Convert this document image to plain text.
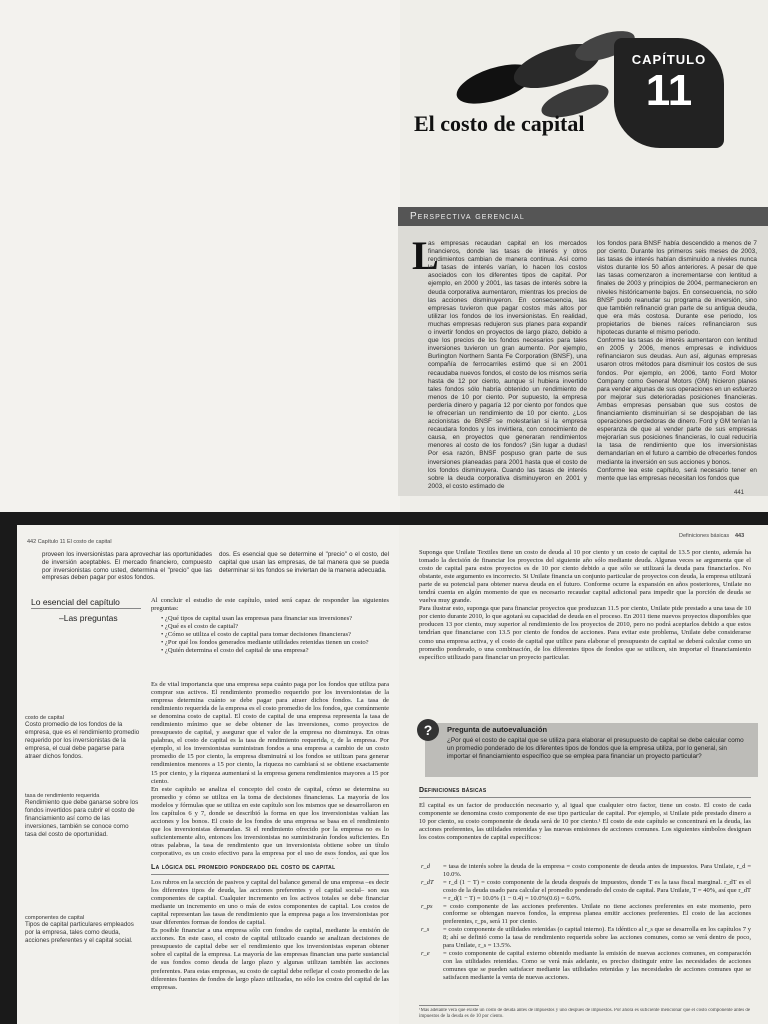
CAPÍTULO
11
El costo de capital
Perspectiva gerencial
L
as empresas recaudan capital en los mercados financieros, donde las tasas de interés y otros rendimientos cambian de manera continua. Así como las tasas de interés varían, lo hacen los costos asociados con los diferentes tipos de capital. Por ejemplo, en 2000 y 2001, las tasas de interés sobre la deuda corporativa aumentaron, mientras los precios de las acciones disminuyeron. En consecuencia, las empresas tuvieron que pagar costos más altos por utilizar los fondos de los inversionistas. En realidad, muchas empresas redujeron sus planes para expandir o invertir fondos en proyectos de largo plazo, debido a que los precios de los fondos necesarios para tales inversiones tuvieron un gran aumento. Por ejemplo, Burlington Northern Santa Fe Corporation (BNSF), una compañía de ferrocarriles estimó que si en 2001 recaudaba nuevos fondos, el costo de los mismos sería hasta de 12 por ciento, aunque sí hubiera invertido tales fondos sólo habría obtenido un rendimiento de menos de 10 por ciento. Por supuesto, la empresa perdería dinero y pagaría 12 por ciento por fondos que le ofrecerían un rendimiento de 10 por ciento. ¿Los accionistas de BNSF se molestarían si la empresa recaudara fondos y los invirtiera, con conocimiento de causa, en proyectos que generaran rendimientos menores al costo de los fondos? ¡Sin lugar a dudas! Por esa razón, BNSF pospuso gran parte de sus inversiones planeadas para 2001 hasta que el costo de los fondos disminuyera. Cuando las tasas de interés sobre la deuda corporativa disminuyeron en 2001 y 2003, el costo estimado de
los fondos para BNSF había descendido a menos de 7 por ciento. Durante los primeros seis meses de 2003, las tasas de interés habían disminuido a niveles nunca vistos durante los 50 años anteriores. A pesar de que las tasas comenzaron a incrementarse con lentitud a finales de 2003 y principios de 2004, permanecieron en niveles históricamente bajos. En consecuencia, no sólo BNSF pudo reanudar su programa de inversión, sino que también refinanció gran parte de su antigua deuda, que era más costosa. Durante ese periodo, los propietarios de bienes raíces refinanciaron sus hipotecas durante el mismo periodo.
Conforme las tasas de interés aumentaron con lentitud en 2005 y 2006, menos empresas e individuos refinanciaron sus deudas. Aun así, algunas empresas usaron otros métodos para disminuir los costos de sus fondos. Por ejemplo, en 2006, tanto Ford Motor Company como General Motors (GM) hicieron planes para vender algunas de sus operaciones en un esfuerzo por mejorar sus deterioradas posiciones financieras. Ambas empresas pensaban que sus costos de financiamiento disminuirían si se despojaban de las operaciones perdedoras de dinero. Ford y GM tenían la esperanza de que al vender parte de sus empresas mejorarían sus posiciones financieras, lo cual reduciría la tasa de rendimiento que los inversionistas demandarían en el futuro a cambio de ofrecerles fondos mediante la inversión en sus acciones y bonos.
Conforme lea este capítulo, será necesario tener en mente que las empresas necesitan los fondos que
441
442 Capítulo 11 El costo de capital
proveen los inversionistas para aprovechar las oportunidades de inversión aceptables. El mercado financiero, compuesto por inversionistas como usted, determina el "precio" que las empresas deben pagar por estos fondos.
dos. Es esencial que se determine el "precio" o el costo, del capital que usan las empresas, de tal manera que se pueda determinar si los fondos se inviertan de la manera adecuada.
Lo esencial del capítulo
–Las preguntas
Al concluir el estudio de este capítulo, usted será capaz de responder las siguientes preguntas:
• ¿Qué tipos de capital usan las empresas para financiar sus inversiones?
• ¿Qué es el costo de capital?
• ¿Cómo se utiliza el costo de capital para tomar decisiones financieras?
• ¿Por qué los fondos generados mediante utilidades retenidas tienen un costo?
• ¿Quién determina el costo del capital de una empresa?
Es de vital importancia que una empresa sepa cuánto paga por los fondos que utiliza para comprar sus activos. El rendimiento promedio requerido por los inversionistas de la empresa determina cuánto se debe pagar para atraer dichos fondos. La tasa de rendimiento requerida de la empresa es el costo promedio de los fondos, que comúnmente se denomina costo de capital. El costo de capital de una empresa representa la tasa de rendimiento mínimo que se debe obtener de las inversiones, como proyectos de presupuesto de capital, y asegurar que el valor de la empresa no disminuya. En otras palabras, el costo de capital es la tasa de rendimiento requerida, r, de la empresa. Por ejemplo, si los inversionistas suministran fondos a una empresa a cambio de un costo promedio de 15 por ciento, la empresa disminuirá si los fondos se utilizan para generar rendimientos menores a 15 por ciento, la riqueza no cambiará si se obtiene exactamente 15 por ciento, y la riqueza aumentará si la empresa genera rendimientos mayores a 15 por ciento.
En este capítulo se analiza el concepto del costo de capital, cómo se determina su promedio y cómo se utiliza en la toma de decisiones financieras. La mayoría de los modelos y fórmulas que se utiliza en este capítulo son los mismos que se desarrollaron en los capítulos 6 y 7, donde se describió la forma en que los inversionistas valúan las acciones y los bonos. El costo de los fondos de una empresa se basa en el rendimiento que los inversionistas demandan. Si el rendimiento ofrecido por la empresa no es lo suficientemente alto, entonces los inversionistas no suministrarán fondos suficientes. En otras palabras, la tasa de rendimiento que un inversionista obtiene sobre un título corporativo, es un costo efectivo para la empresa por el uso de esos fondos, así que los

La lógica del promedio ponderado del costo de capital
Los rubros en la sección de pasivos y capital del balance general de una empresa –es decir los diferentes tipos de deuda, las acciones preferentes y el capital social– son sus componentes de capital. Cualquier incremento en los activos totales se debe financiar mediante un incremento en uno o más de estos componentes de capital. Los costos de capital representan las tasas de rendimiento que la empresa paga a los inversionistas por usar diferentes formas de fondos de capital.
Es posible financiar a una empresa sólo con fondos de capital, mediante la emisión de acciones. En este caso, el costo de capital utilizado cuando se analizan decisiones de presupuesto de capital debe ser el rendimiento que los inversionistas esperan obtener sobre el capital de la empresa. La mayoría de las empresas financian una parte sustancial de sus fondos como deuda de largo plazo y algunas utilizan también las acciones preferentes. Para estas empresas, su costo de capital debe reflejar el costo promedio de las diferentes fuentes de fondos de largo plazo utilizadas, no sólo los costos del capital de las empresas.
costo de capital
Costo promedio de los fondos de la empresa, que es el rendimiento promedio requerido por los inversionistas de la empresa, el cual debe pagarse para atraer dichos fondos.
tasa de rendimiento requerida
Rendimiento que debe ganarse sobre los fondos invertidos para cubrir el costo de financiamiento así como de las inversiones, también se conoce como tasa del costo de oportunidad.
componentes de capital
Tipos de capital particulares empleados por la empresa, tales como deuda, acciones preferentes y el capital social.
Definiciones básicas 443
Suponga que Unilate Textiles tiene un costo de deuda al 10 por ciento y un costo de capital de 13.5 por ciento, además ha tomado la decisión de financiar los proyectos del siguiente año sólo mediante deuda. Algunas veces se argumenta que el costo de capital para estos proyectos es de 10 por ciento debido a que sólo se utilizará la deuda para financiarlos. No obstante, este argumento es incorrecto. Si Unilate financia un conjunto particular de proyectos con deuda, la empresa utilizará parte de su potencial para obtener nueva deuda en el futuro. Conforme ocurre la expansión en años posteriores, Unilate no tendrá cuenta en algún momento de que es necesario recaudar capital adicional para impedir que la porción de deuda se vuelva muy grande.
Para ilustrar esto, suponga que para financiar proyectos que produzcan 11.5 por ciento, Unilate pide prestado a una tasa de 10 por ciento durante 2010, lo que agotará su capacidad de deuda en el proceso. En 2011 tiene nuevos proyectos disponibles que producen 13 por ciento, muy superior al rendimiento de los proyectos de 2010, pero no podrá aceptarlos debido a que estos tendrían que financiarse con 13.5 por ciento de fondos de acciones. Para evitar este problema, Unilate debe considerarse como una empresa activa, y el costo de capital que utilice para elaborar el presupuesto de capital se deberá calcular como un promedio ponderado, o una combinación, de los diferentes tipos de fondos que se utilicen, sin importar el financiamiento específico utilizado para financiar un proyecto particular.
?	Pregunta de autoevaluación
¿Por qué el costo de capital que se utiliza para elaborar el presupuesto de capital se debe calcular como un promedio ponderado de los diferentes tipos de fondos que la empresa utiliza, por lo general, sin importar el financiamiento específico que se emplea para financiar un proyecto particular?
Definiciones básicas
El capital es un factor de producción necesario y, al igual que cualquier otro factor, tiene un costo. El costo de cada componente se denomina costo componente de ese tipo particular de capital. Por ejemplo, si Unilate pide prestado dinero a 10 por ciento, su costo componente de deuda será de 10 por ciento.¹ El costo de este capítulo se concentrará en la deuda, las acciones preferentes, las utilidades retenidas y las nuevas emisiones de acciones comunes. Los siguientes símbolos designan los costos componentes de capital específicos:
r_d	= tasa de interés sobre la deuda de la empresa = costo componente de deuda antes de impuestos. Para Unilate, r_d = 10.0%.
r_dT	= r_d (1 − T) = costo componente de la deuda después de impuestos, donde T es la tasa fiscal marginal. r_dT es el costo de la deuda usado para calcular el promedio ponderado del costo de capital. Para Unilate, T = 40%, así que r_dT = r_d(1 − T) = 10.0% (1 − 0.4) = 10.0%(0.6) = 6.0%.
r_ps	= costo componente de las acciones preferentes. Unilate no tiene acciones preferentes en este momento, pero conforme se obtengan nuevos fondos, la empresa planea emitir acciones preferentes. El costo de las acciones preferentes, r_ps, será 11 por ciento.
r_s	= costo componente de utilidades retenidas (o capital interno). Es idéntico al r_s que se desarrolla en los capítulos 7 y 8; ahí se definió como la tasa de rendimiento requerida sobre las acciones comunes, como se verá dentro de poco, para Unilate, r_s = 13.5%.
r_e	= costo componente de capital externo obtenido mediante la emisión de nuevas acciones comunes, en comparación con las utilidades retenidas. Como se verá más adelante, es preciso distinguir entre las necesidades de acciones comunes que se pueden satisfacer mediante las utilidades retenidas y las necesidades de acciones comunes que se satisfacen mediante la venta de nuevas acciones.
¹Más adelante verá que existe un costo de deuda antes de impuestos y uno después de impuestos. Por ahora es suficiente mencionar que el costo componente antes de impuestos de la deuda es de 10 por ciento.
